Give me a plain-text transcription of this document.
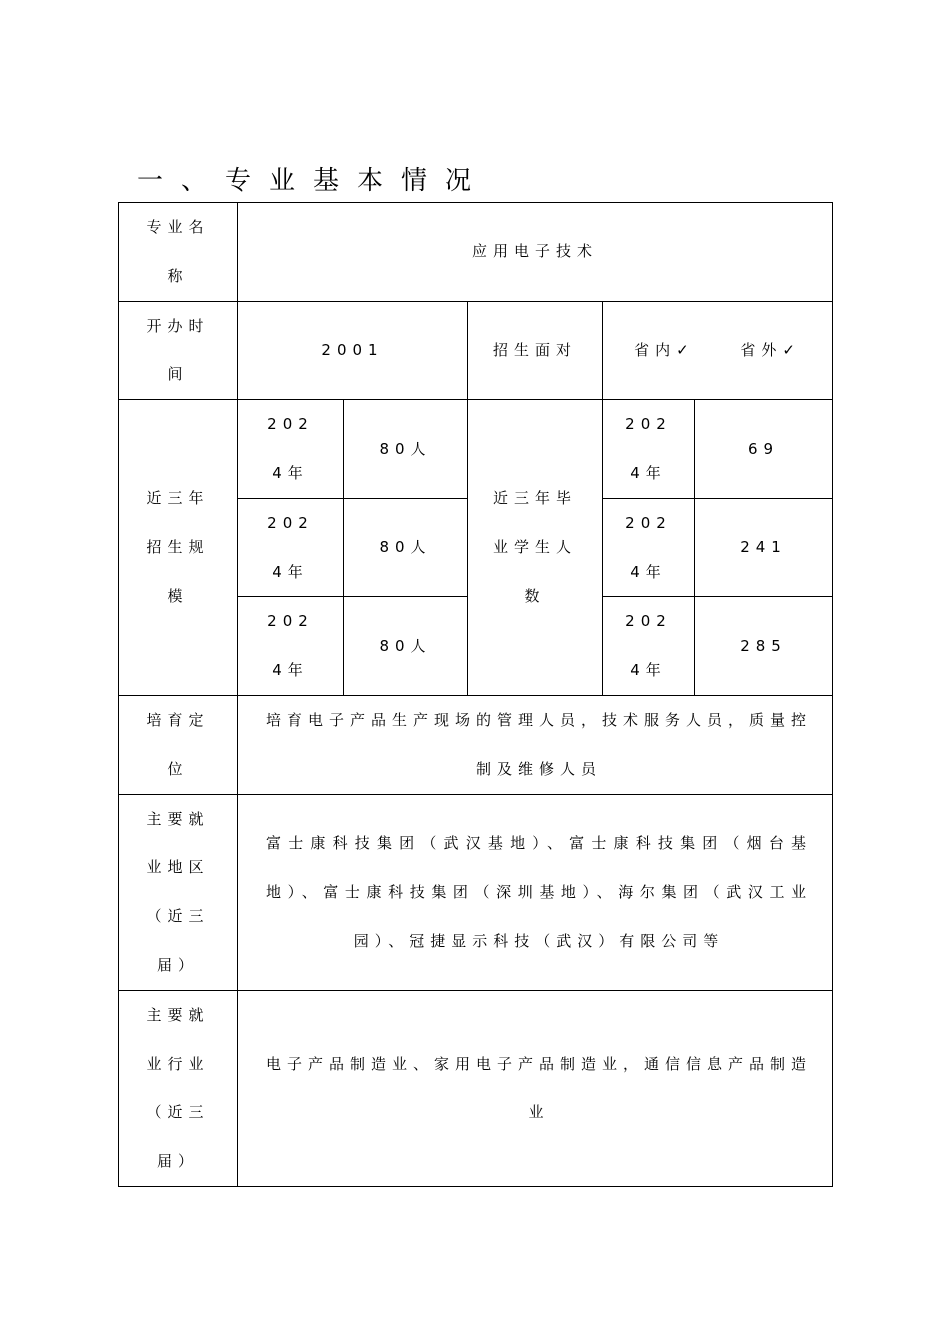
一、专业基本情况
专业名称	应用电子技术				

开办时间	2001		招生面对	省内✓ 省外✓	

近三年招生规模	2024年	80人	近三年毕业学生人数	2024年	69

	2024年	80人		2024年	241

	2024年	80人		2024年	285

培育定位	培育电子产品生产现场的管理人员，技术服务人员，质量控制及维修人员				

主要就业地区（近三届）	富士康科技集团（武汉基地）、富士康科技集团（烟台基地）、富士康科技集团（深圳基地）、海尔集团（武汉工业园）、冠捷显示科技（武汉）有限公司等				

主要就业行业（近三届）	电子产品制造业、家用电子产品制造业，通信信息产品制造业				
